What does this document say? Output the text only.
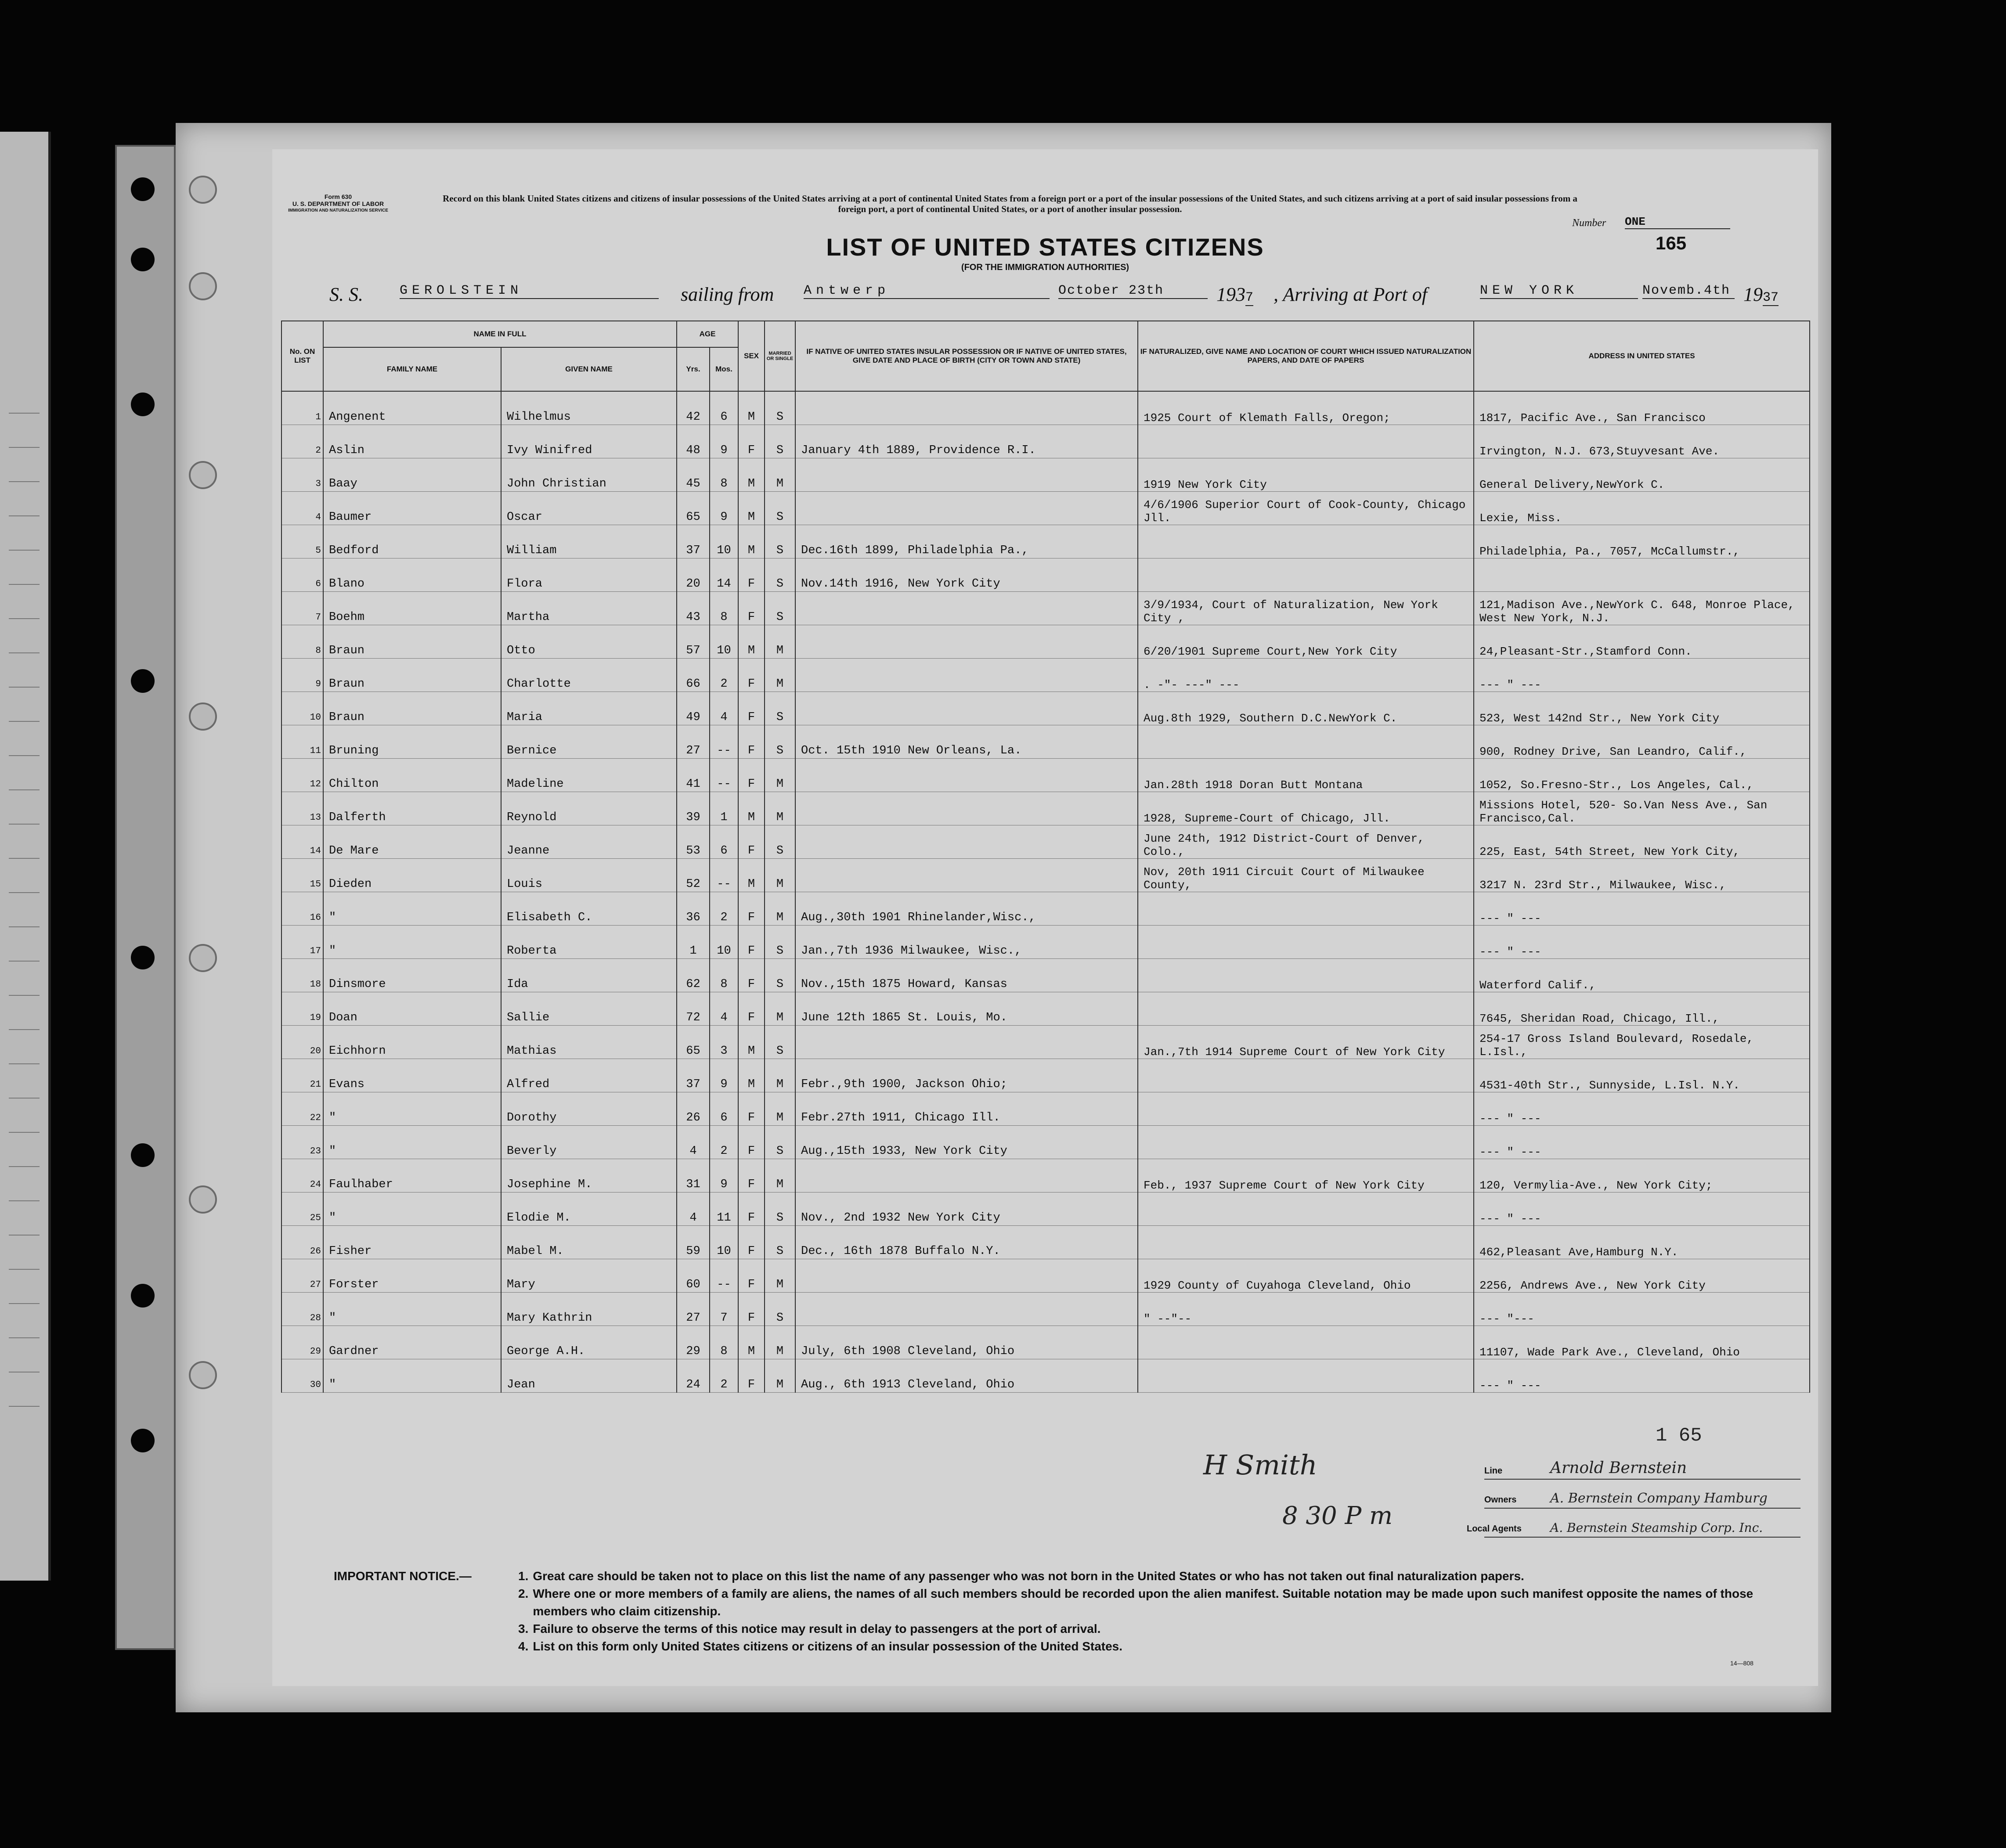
Form 630
U. S. DEPARTMENT OF LABOR
IMMIGRATION AND NATURALIZATION SERVICE
Record on this blank United States citizens and citizens of insular possessions of the United States arriving at a port of continental United States from a foreign port or a port of the insular possessions of the United States, and such citizens arriving at a port of said insular possessions from a foreign port, a port of continental United States, or a port of another insular possession.
Number ONE
LIST OF UNITED STATES CITIZENS
(FOR THE IMMIGRATION AUTHORITIES)
165
S. S.	GEROLSTEIN	sailing from Antwerp	October 23th	1937 , Arriving at Port of	NEW YORK	Novemb.4th 1937
No. ON LIST	NAME IN FULL		AGE		SEX	MARRIED OR SINGLE	IF NATIVE OF UNITED STATES INSULAR POSSESSION OR IF NATIVE OF UNITED STATES, GIVE DATE AND PLACE OF BIRTH (CITY OR TOWN AND STATE)	IF NATURALIZED, GIVE NAME AND LOCATION OF COURT WHICH ISSUED NATURALIZATION PAPERS, AND DATE OF PAPERS	ADDRESS IN UNITED STATES
	FAMILY NAME	GIVEN NAME	Yrs.	Mos.					
1	Angenent	Wilhelmus	42	6	M	S		1925 Court of Klemath Falls, Oregon;	1817, Pacific Ave., San Francisco
2	Aslin	Ivy Winifred	48	9	F	S	January 4th 1889, Providence R.I.		Irvington, N.J. 673,Stuyvesant Ave.
3	Baay	John Christian	45	8	M	M		1919 New York City	General Delivery,NewYork C.
4	Baumer	Oscar	65	9	M	S		4/6/1906 Superior Court of Cook-County, Chicago Jll.	Lexie, Miss.
5	Bedford	William	37	10	M	S	Dec.16th 1899, Philadelphia Pa.,		Philadelphia, Pa., 7057, McCallumstr.,
6	Blano	Flora	20	14	F	S	Nov.14th 1916, New York City		
7	Boehm	Martha	43	8	F	S		3/9/1934, Court of Naturalization, New York City ,	121,Madison Ave.,NewYork C. 648, Monroe Place, West New York, N.J.
8	Braun	Otto	57	10	M	M		6/20/1901 Supreme Court,New York City	24,Pleasant-Str.,Stamford Conn.
9	Braun	Charlotte	66	2	F	M		. -"- ---" ---	--- " ---
10	Braun	Maria	49	4	F	S		Aug.8th 1929, Southern D.C.NewYork C.	523, West 142nd Str., New York City
11	Bruning	Bernice	27	--	F	S	Oct. 15th 1910 New Orleans, La.		900, Rodney Drive, San Leandro, Calif.,
12	Chilton	Madeline	41	--	F	M		Jan.28th 1918 Doran Butt Montana	1052, So.Fresno-Str., Los Angeles, Cal.,
13	Dalferth	Reynold	39	1	M	M		1928, Supreme-Court of Chicago, Jll.	Missions Hotel, 520- So.Van Ness Ave., San Francisco,Cal.
14	De Mare	Jeanne	53	6	F	S		June 24th, 1912 District-Court of Denver, Colo.,	225, East, 54th Street, New York City,
15	Dieden	Louis	52	--	M	M		Nov, 20th 1911 Circuit Court of Milwaukee County,	3217 N. 23rd Str., Milwaukee, Wisc.,
16	"	Elisabeth C.	36	2	F	M	Aug.,30th 1901 Rhinelander,Wisc.,		--- " ---
17	"	Roberta	1	10	F	S	Jan.,7th 1936 Milwaukee, Wisc.,		--- " ---
18	Dinsmore	Ida	62	8	F	S	Nov.,15th 1875 Howard, Kansas		Waterford Calif.,
19	Doan	Sallie	72	4	F	M	June 12th 1865 St. Louis, Mo.		7645, Sheridan Road, Chicago, Ill.,
20	Eichhorn	Mathias	65	3	M	S		Jan.,7th 1914 Supreme Court of New York City	254-17 Gross Island Boulevard, Rosedale, L.Isl.,
21	Evans	Alfred	37	9	M	M	Febr.,9th 1900, Jackson Ohio;		4531-40th Str., Sunnyside, L.Isl. N.Y.
22	"	Dorothy	26	6	F	M	Febr.27th 1911, Chicago Ill.		--- " ---
23	"	Beverly	4	2	F	S	Aug.,15th 1933, New York City		--- " ---
24	Faulhaber	Josephine M.	31	9	F	M		Feb., 1937 Supreme Court of New York City	120, Vermylia-Ave., New York City;
25	"	Elodie M.	4	11	F	S	Nov., 2nd 1932 New York City		--- " ---
26	Fisher	Mabel M.	59	10	F	S	Dec., 16th 1878 Buffalo N.Y.		462,Pleasant Ave,Hamburg N.Y.
27	Forster	Mary	60	--	F	M		1929 County of Cuyahoga Cleveland, Ohio	2256, Andrews Ave., New York City
28	"	Mary Kathrin	27	7	F	S		" --"--	--- "---
29	Gardner	George A.H.	29	8	M	M	July, 6th 1908 Cleveland, Ohio		11107, Wade Park Ave., Cleveland, Ohio
30	"	Jean	24	2	F	M	Aug., 6th 1913 Cleveland, Ohio		--- " ---
H Smith
8 30 P m
1 65
Line	Arnold Bernstein
Owners	A. Bernstein Company Hamburg
Local Agents A. Bernstein Steamship Corp. Inc.
IMPORTANT NOTICE.—	1. Great care should be taken not to place on this list the name of any passenger who was not born in the United States or who has not taken out final naturalization papers.
2. Where one or more members of a family are aliens, the names of all such members should be recorded upon the alien manifest. Suitable notation may be made upon such manifest opposite the names of those members who claim citizenship.
3. Failure to observe the terms of this notice may result in delay to passengers at the port of arrival.
4. List on this form only United States citizens or citizens of an insular possession of the United States.
14—808
